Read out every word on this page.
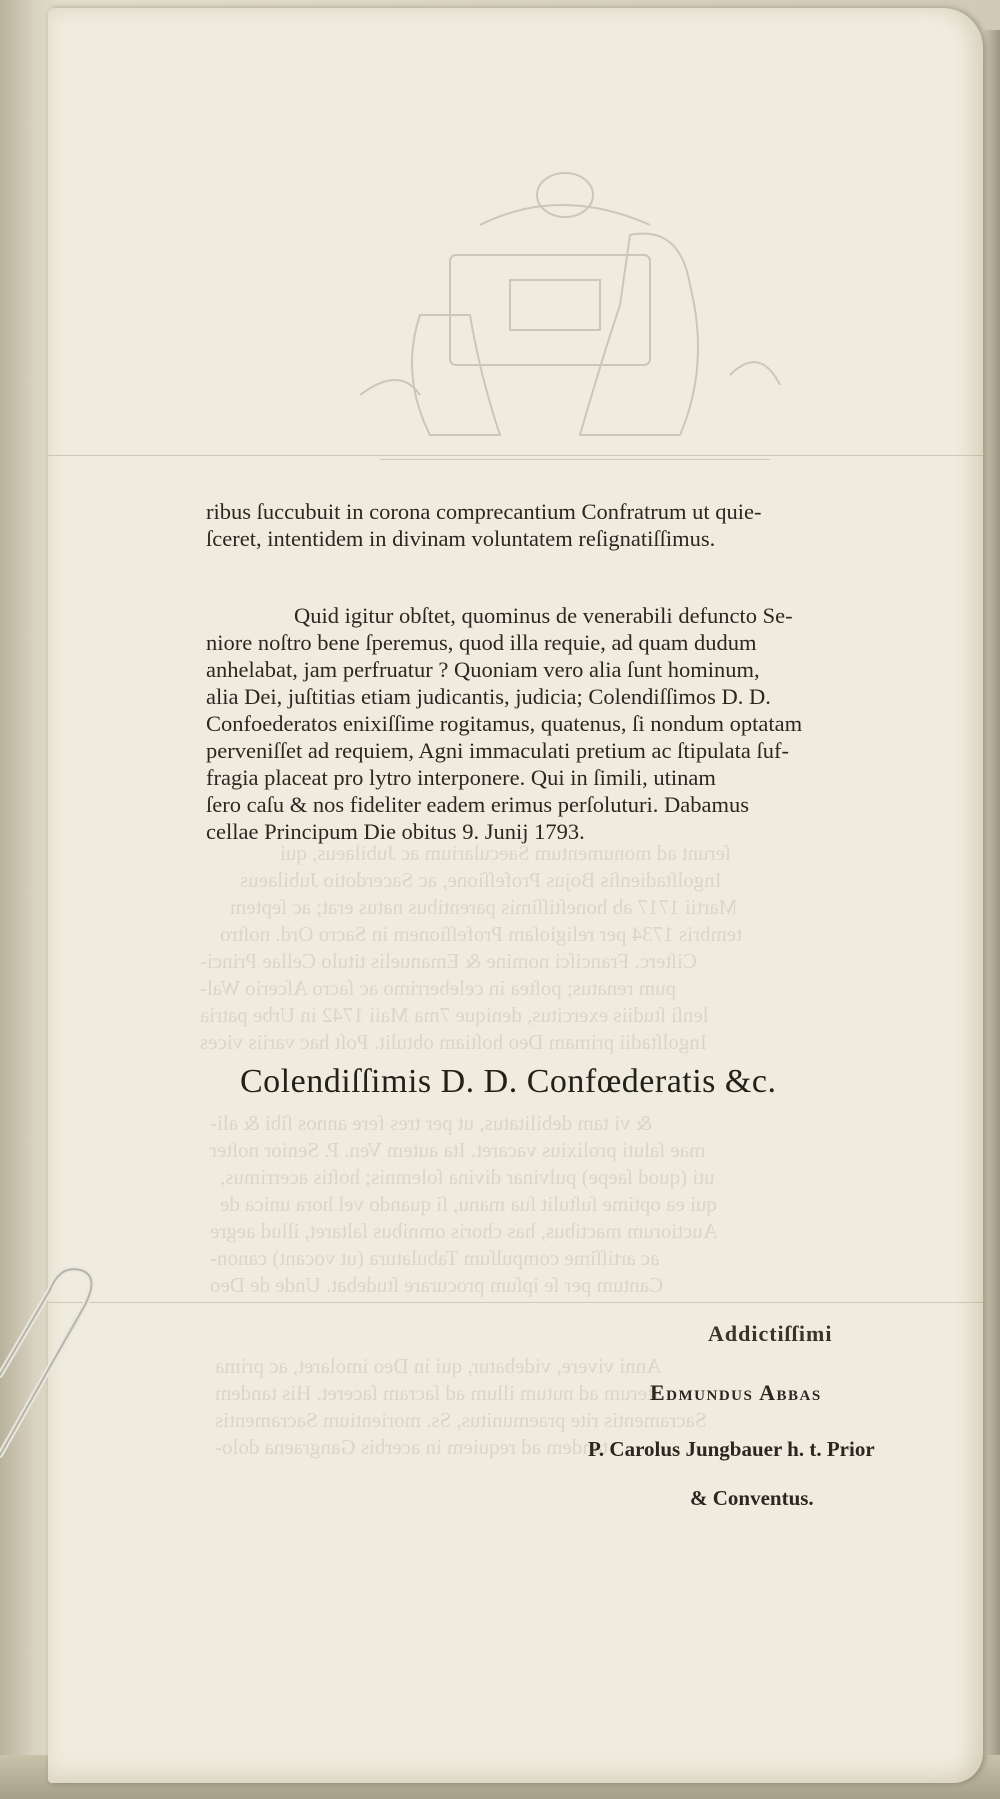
ſerunt ad monumentum Saecularium ac Jubilaeus, qui
Ingolſtadienſis Bojus Profeſſione, ac Sacerdotio Jubilaeus
Martii 1717 ab honeſtiſſimis parentibus natus erat; ac ſeptem
tembris 1734 per religioſam Profeſſionem in Sacro Ord. noſtro
Ciſterc. Franciſci nomine & Emanuelis titulo Cellae Princi-
pum renatus; poſtea in celeberrimo ac ſacro Aſcerio Wal-
lenſi ſtudiis exercitus, denique 7ma Maii 1742 in Urbe patria
Ingolſtadii primam Deo hoſtiam obtulit. Poſt hac variis vices
& vi tam debilitatus, ut per tres fere annos ſibi & ali-
mae ſaluti prolixius vacaret. Ita autem Ven. P. Senior noſter
uti (quod ſaepe) pulvinar divina ſolemnis; hoſtis acerrimus,
qui ea optime ſuſtulit ſua manu, ſi quando vel hora unica de
Auctiorum mactibus, has choris omnibus ſaltaret, illud aegre
ac artiſſime compulſum Tabulatura (ut vocant) canon-
Cantum per ſe ipſum procurare ſtudebat. Unde de Deo
Anni vivere, videbatur, qui in Deo imolaret, ac prima
iterum ad nutum illum ad ſacram ſaceret. His tandem
Sacramentis rite praemunitus, Ss. morientium Sacramentis
tandem ad requiem in acerbis Gangraena dolo-
ribus ſuccubuit in corona comprecantium Confratrum ut quie-
ſceret, intentidem in divinam voluntatem reſignatiſſimus.
Quid igitur obſtet, quominus de venerabili defuncto Se-
niore noſtro bene ſperemus, quod illa requie, ad quam dudum
anhelabat, jam perfruatur ? Quoniam vero alia ſunt hominum,
alia Dei, juſtitias etiam judicantis, judicia; Colendiſſimos D. D.
Confoederatos enixiſſime rogitamus, quatenus, ſi nondum optatam
perveniſſet ad requiem, Agni immaculati pretium ac ſtipulata ſuf-
fragia placeat pro lytro interponere. Qui in ſimili, utinam
ſero caſu & nos fideliter eadem erimus perſoluturi. Dabamus
cellae Principum Die obitus 9. Junij 1793.
Colendiſſimis D. D. Confœderatis &c.
Addictiſſimi
Edmundus Abbas
P. Carolus Jungbauer h. t. Prior
& Conventus.
